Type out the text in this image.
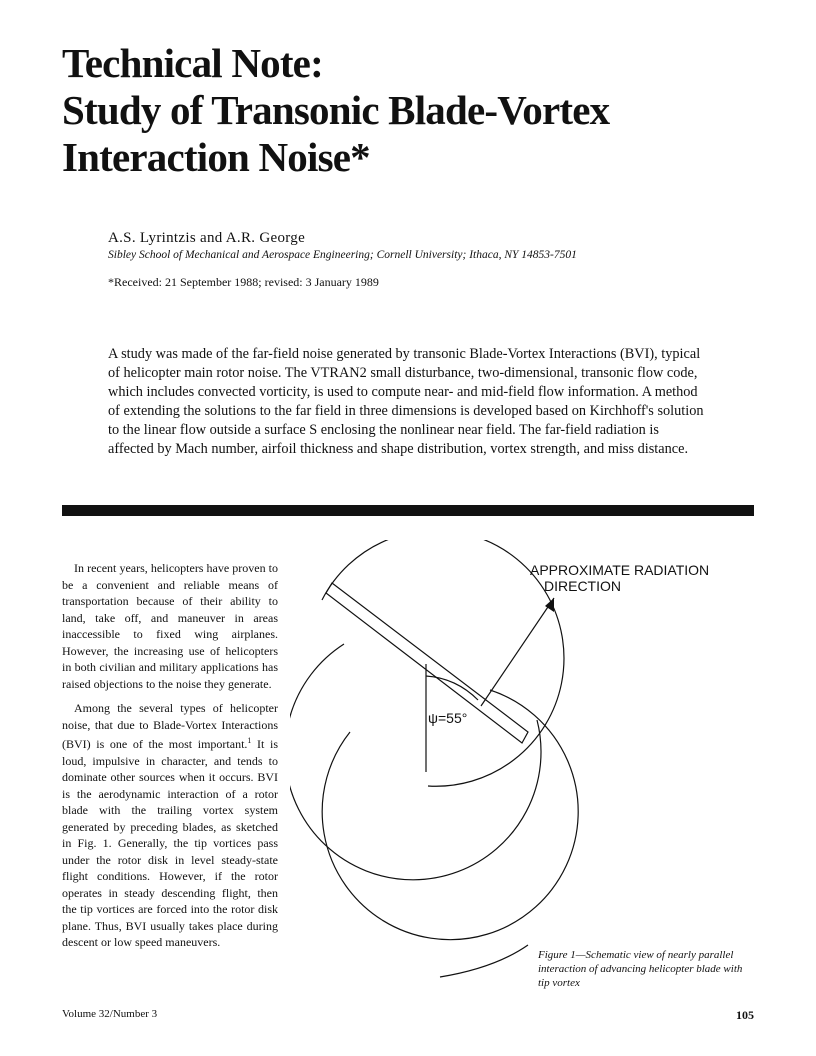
Technical Note:
Study of Transonic Blade-Vortex
Interaction Noise*
A.S. Lyrintzis and A.R. George
Sibley School of Mechanical and Aerospace Engineering; Cornell University; Ithaca, NY 14853-7501
*Received: 21 September 1988; revised: 3 January 1989

A study was made of the far-field noise generated by transonic Blade-Vortex Interactions (BVI), typical of helicopter main rotor noise. The VTRAN2 small disturbance, two-dimensional, transonic flow code, which includes convected vorticity, is used to compute near- and mid-field flow information. A method of extending the solutions to the far field in three dimensions is developed based on Kirchhoff's solution to the linear flow outside a surface S enclosing the nonlinear near field. The far-field radiation is affected by Mach number, airfoil thickness and shape distribution, vortex strength, and miss distance.

In recent years, helicopters have proven to be a convenient and reliable means of transportation because of their ability to land, take off, and maneuver in areas inaccessible to fixed wing airplanes. However, the increasing use of helicopters in both civilian and military applications has raised objections to the noise they generate.

Among the several types of helicopter noise, that due to Blade-Vortex Interactions (BVI) is one of the most important.$^1$ It is loud, impulsive in character, and tends to dominate other sources when it occurs. BVI is the aerodynamic interaction of a rotor blade with the trailing vortex system generated by preceding blades, as sketched in Fig. 1. Generally, the tip vortices pass under the rotor disk in level steady-state flight conditions. However, if the rotor operates in steady descending flight, then the tip vortices are forced into the rotor disk plane. Thus, BVI usually takes place during descent or low speed maneuvers.

APPROXIMATE RADIATION
DIRECTION
ψ=55°
Figure 1—Schematic view of nearly parallel interaction of advancing helicopter blade with tip vortex
Volume 32/Number 3	105
